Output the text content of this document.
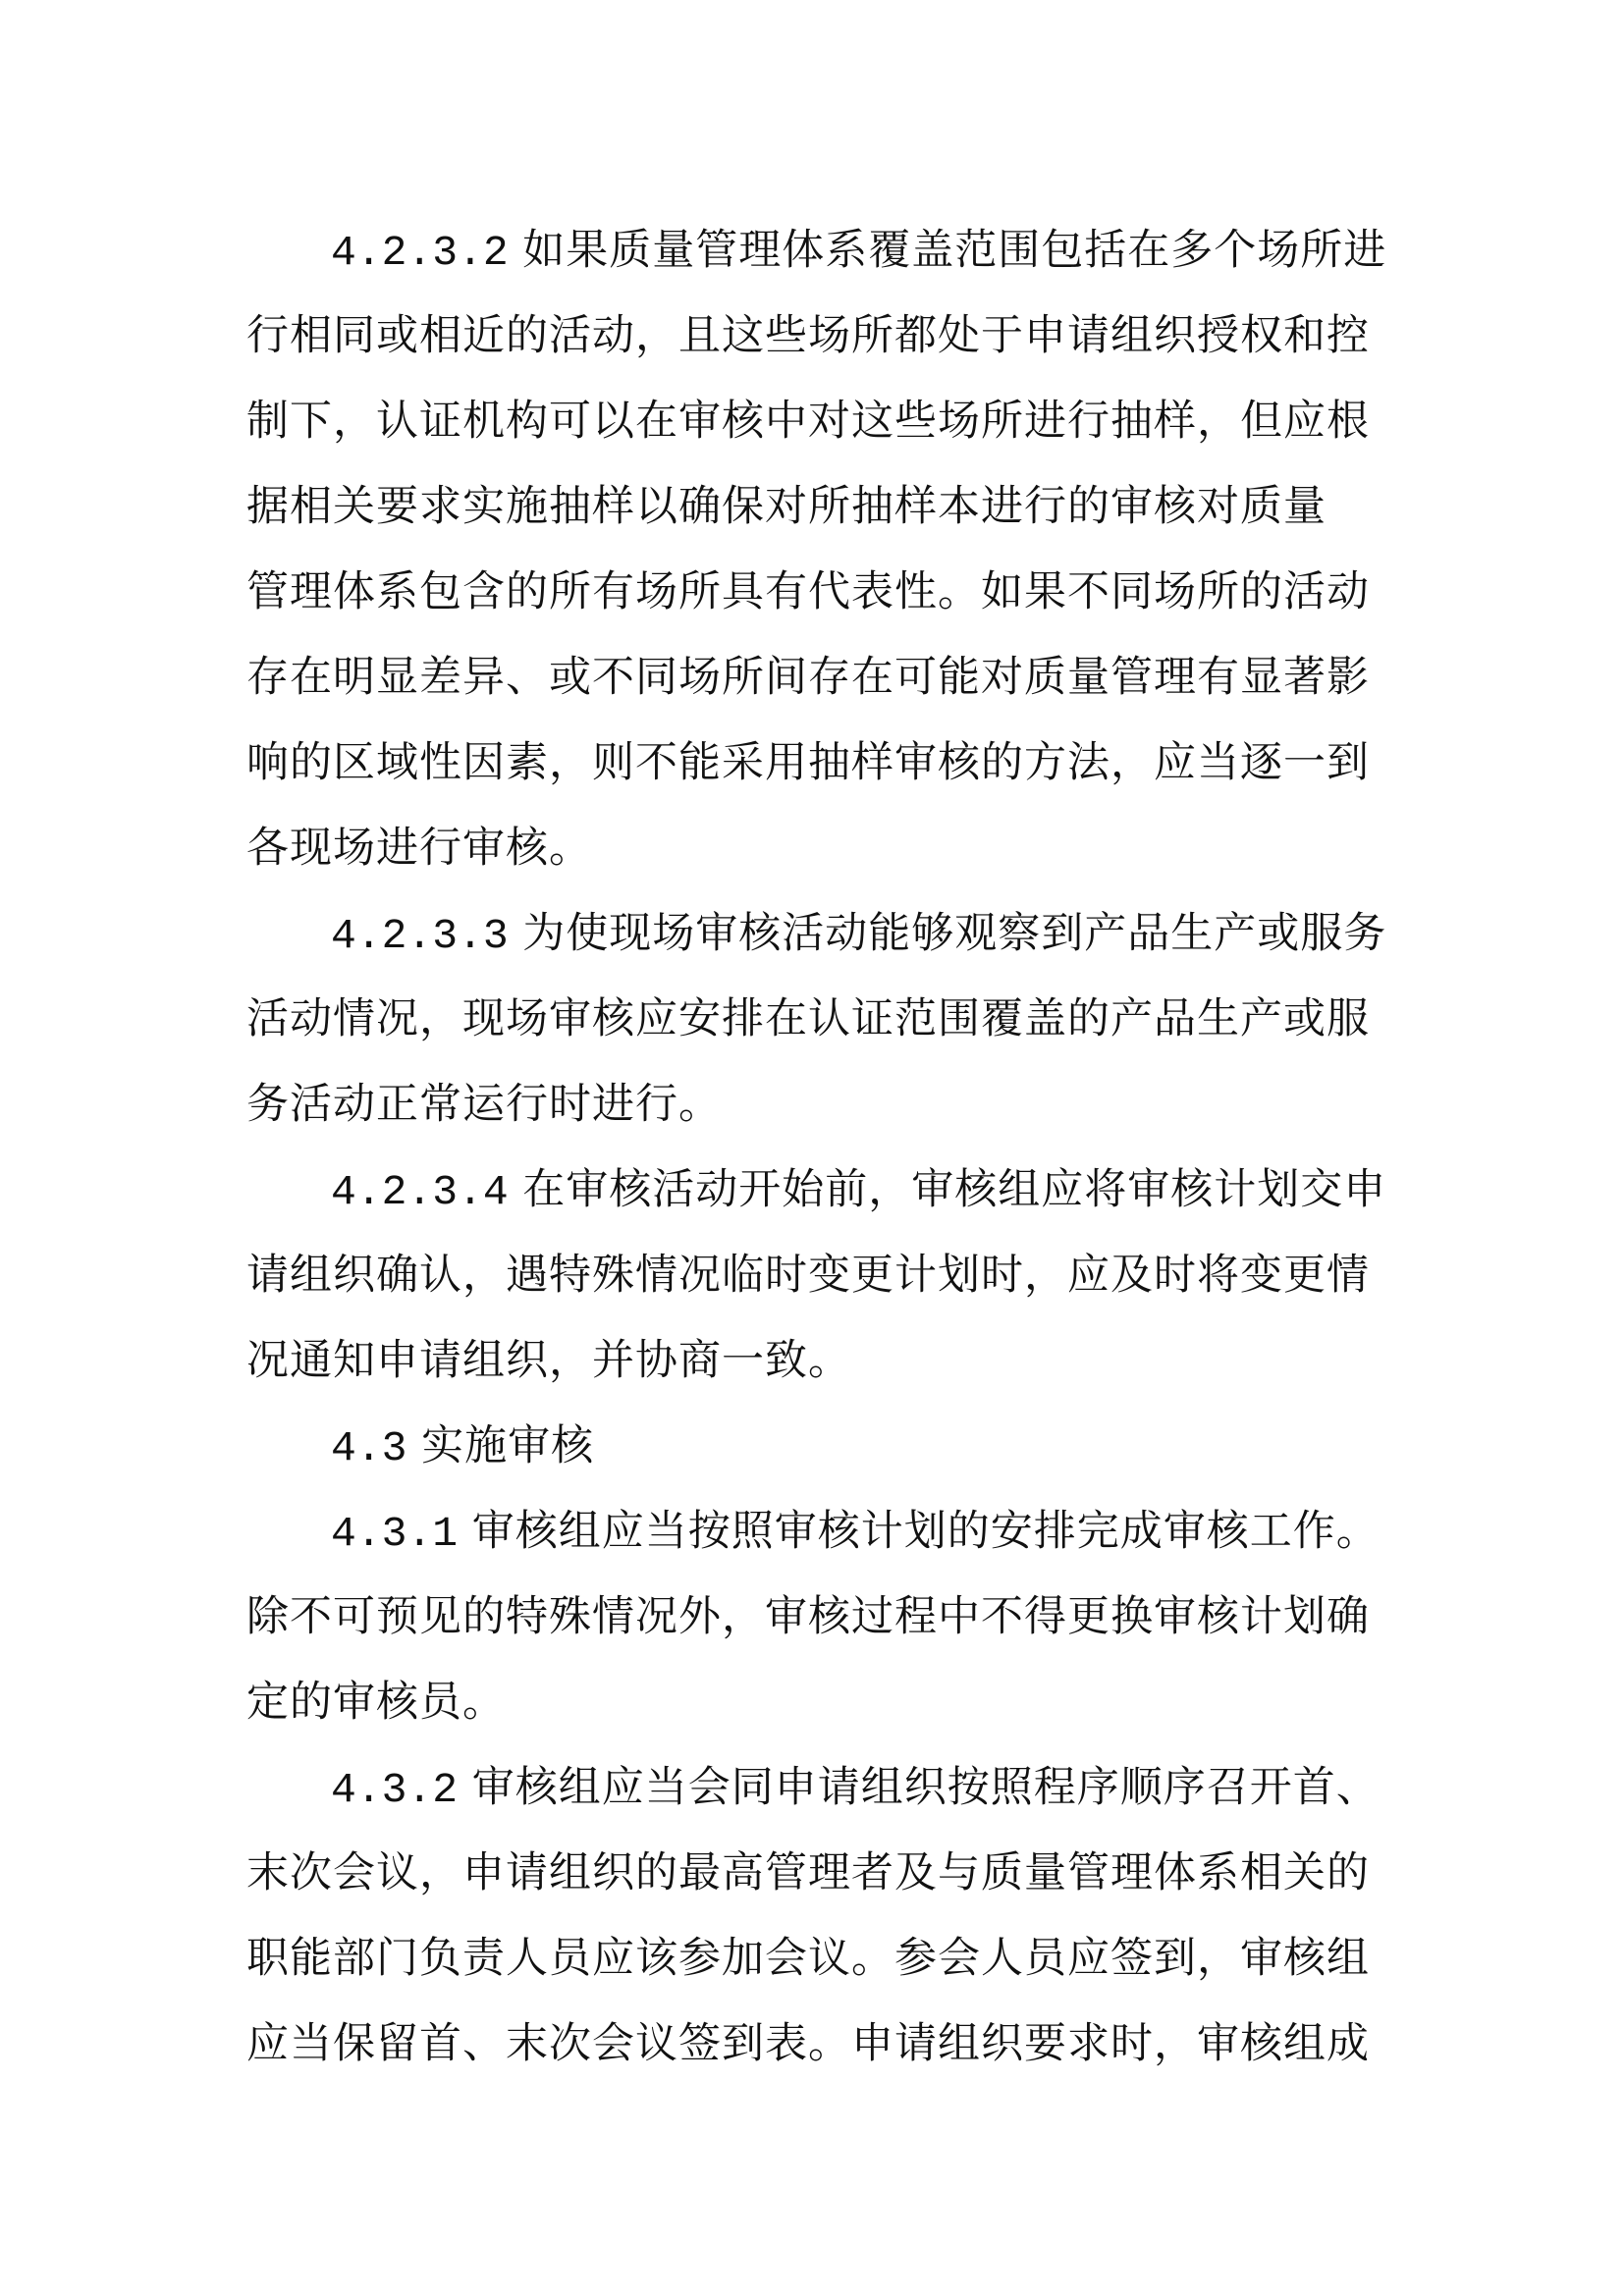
4.2.3.2 如果质量管理体系覆盖范围包括在多个场所进
行相同或相近的活动，且这些场所都处于申请组织授权和控
制下，认证机构可以在审核中对这些场所进行抽样，但应根
据相关要求实施抽样以确保对所抽样本进行的审核对质量
管理体系包含的所有场所具有代表性。如果不同场所的活动
存在明显差异、或不同场所间存在可能对质量管理有显著影
响的区域性因素，则不能采用抽样审核的方法，应当逐一到
各现场进行审核。
4.2.3.3 为使现场审核活动能够观察到产品生产或服务
活动情况，现场审核应安排在认证范围覆盖的产品生产或服
务活动正常运行时进行。
4.2.3.4 在审核活动开始前，审核组应将审核计划交申
请组织确认，遇特殊情况临时变更计划时，应及时将变更情
况通知申请组织，并协商一致。
4.3 实施审核
4.3.1 审核组应当按照审核计划的安排完成审核工作。
除不可预见的特殊情况外，审核过程中不得更换审核计划确
定的审核员。
4.3.2 审核组应当会同申请组织按照程序顺序召开首、
末次会议，申请组织的最高管理者及与质量管理体系相关的
职能部门负责人员应该参加会议。参会人员应签到，审核组
应当保留首、末次会议签到表。申请组织要求时，审核组成
